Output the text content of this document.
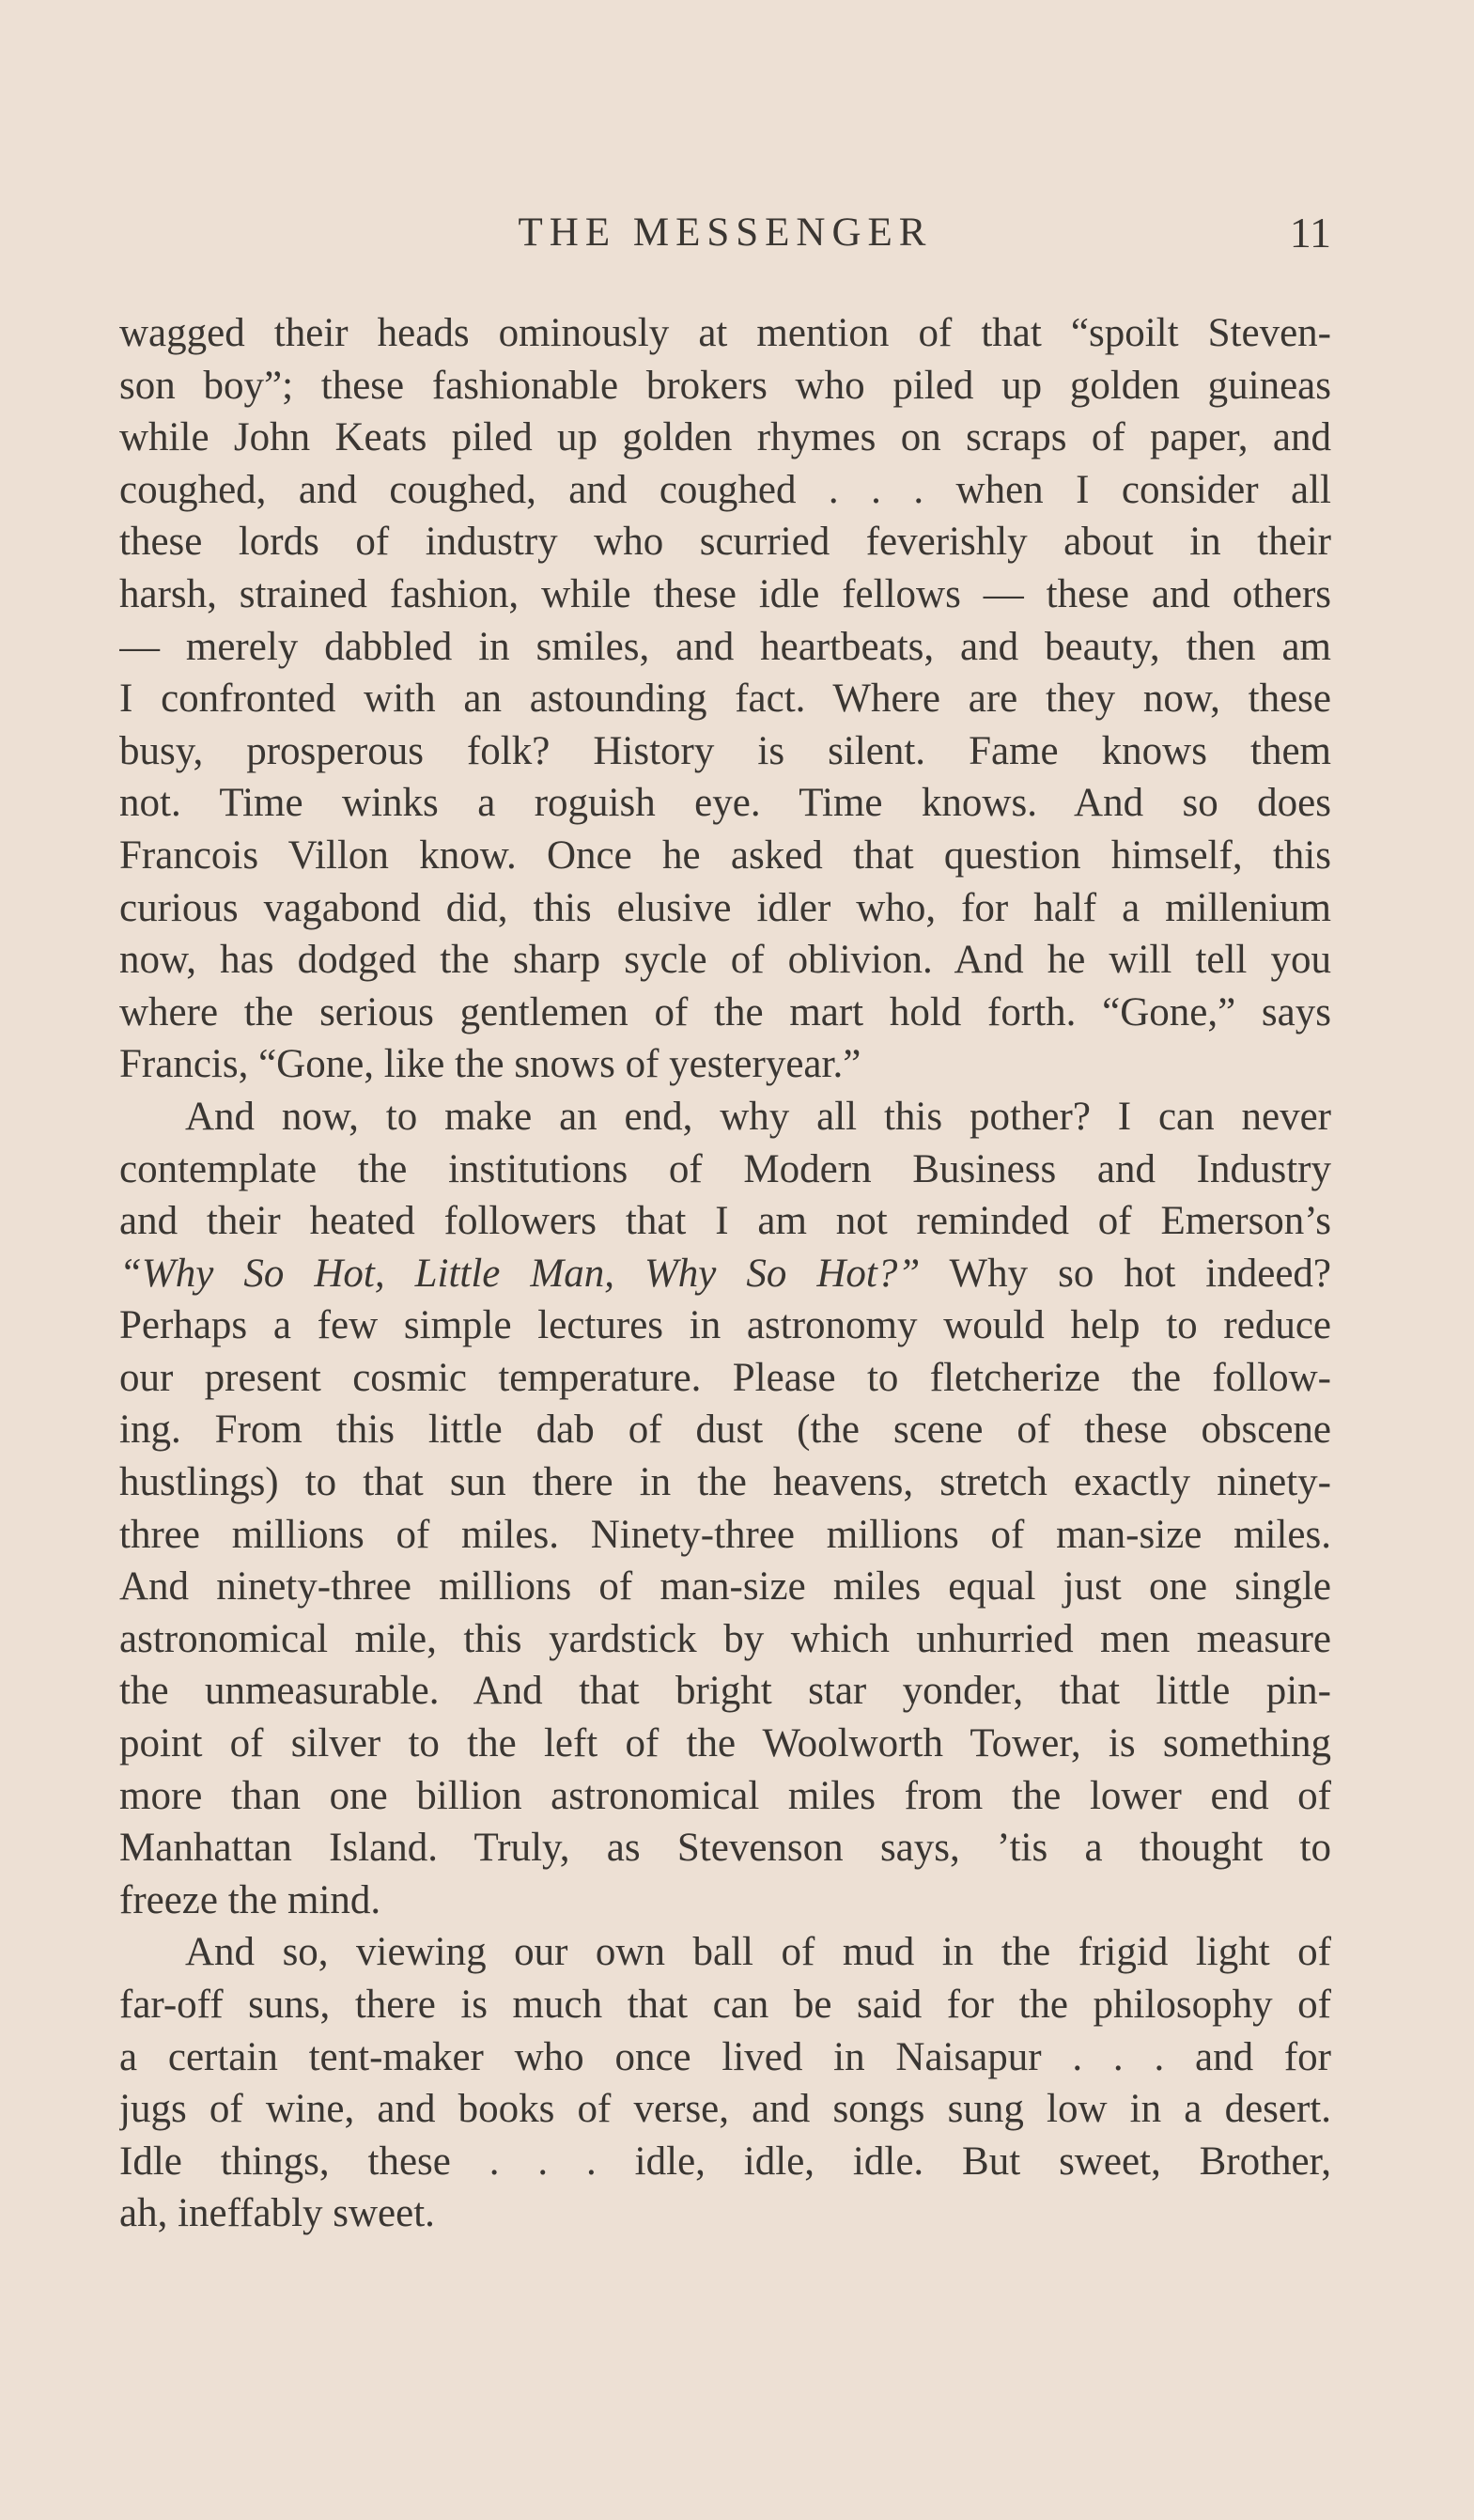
THE MESSENGER	11
wagged their heads ominously at mention of that “spoilt Steven-
son boy”; these fashionable brokers who piled up golden guineas
while John Keats piled up golden rhymes on scraps of paper, and
coughed, and coughed, and coughed . . . when I consider all
these lords of industry who scurried feverishly about in their
harsh, strained fashion, while these idle fellows — these and others
— merely dabbled in smiles, and heartbeats, and beauty, then am
I confronted with an astounding fact. Where are they now, these
busy, prosperous folk? History is silent. Fame knows them
not. Time winks a roguish eye. Time knows. And so does
Francois Villon know. Once he asked that question himself, this
curious vagabond did, this elusive idler who, for half a millenium
now, has dodged the sharp sycle of oblivion. And he will tell you
where the serious gentlemen of the mart hold forth. “Gone,” says
Francis, “Gone, like the snows of yesteryear.”
And now, to make an end, why all this pother? I can never
contemplate the institutions of Modern Business and Industry
and their heated followers that I am not reminded of Emerson’s
“Why So Hot, Little Man, Why So Hot?” Why so hot indeed?
Perhaps a few simple lectures in astronomy would help to reduce
our present cosmic temperature. Please to fletcherize the follow-
ing. From this little dab of dust (the scene of these obscene
hustlings) to that sun there in the heavens, stretch exactly ninety-
three millions of miles. Ninety-three millions of man-size miles.
And ninety-three millions of man-size miles equal just one single
astronomical mile, this yardstick by which unhurried men measure
the unmeasurable. And that bright star yonder, that little pin-
point of silver to the left of the Woolworth Tower, is something
more than one billion astronomical miles from the lower end of
Manhattan Island. Truly, as Stevenson says, ’tis a thought to
freeze the mind.
And so, viewing our own ball of mud in the frigid light of
far-off suns, there is much that can be said for the philosophy of
a certain tent-maker who once lived in Naisapur . . . and for
jugs of wine, and books of verse, and songs sung low in a desert.
Idle things, these . . . idle, idle, idle. But sweet, Brother,
ah, ineffably sweet.
